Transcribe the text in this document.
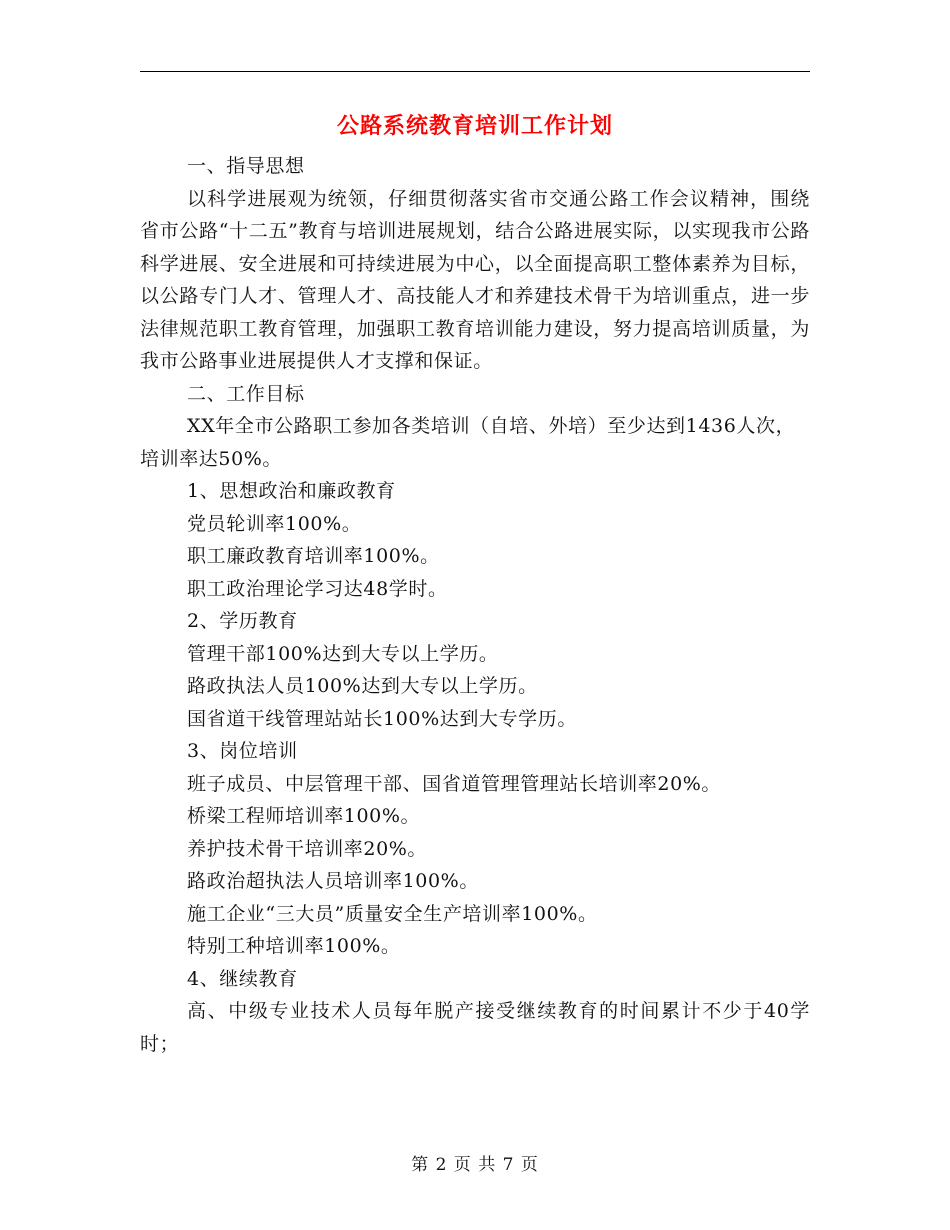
公路系统教育培训工作计划

一、指导思想

以科学进展观为统领，仔细贯彻落实省市交通公路工作会议精神，围绕省市公路“十二五”教育与培训进展规划，结合公路进展实际，以实现我市公路科学进展、安全进展和可持续进展为中心，以全面提高职工整体素养为目标，以公路专门人才、管理人才、高技能人才和养建技术骨干为培训重点，进一步法律规范职工教育管理，加强职工教育培训能力建设，努力提高培训质量，为我市公路事业进展提供人才支撑和保证。

二、工作目标

XX年全市公路职工参加各类培训（自培、外培）至少达到1436人次，培训率达50%。

1、思想政治和廉政教育

党员轮训率100%。

职工廉政教育培训率100%。

职工政治理论学习达48学时。

2、学历教育

管理干部100%达到大专以上学历。

路政执法人员100%达到大专以上学历。

国省道干线管理站站长100%达到大专学历。

3、岗位培训

班子成员、中层管理干部、国省道管理管理站长培训率20%。

桥梁工程师培训率100%。

养护技术骨干培训率20%。

路政治超执法人员培训率100%。

施工企业“三大员”质量安全生产培训率100%。

特别工种培训率100%。

4、继续教育

高、中级专业技术人员每年脱产接受继续教育的时间累计不少于40学时；

第 2 页 共 7 页
